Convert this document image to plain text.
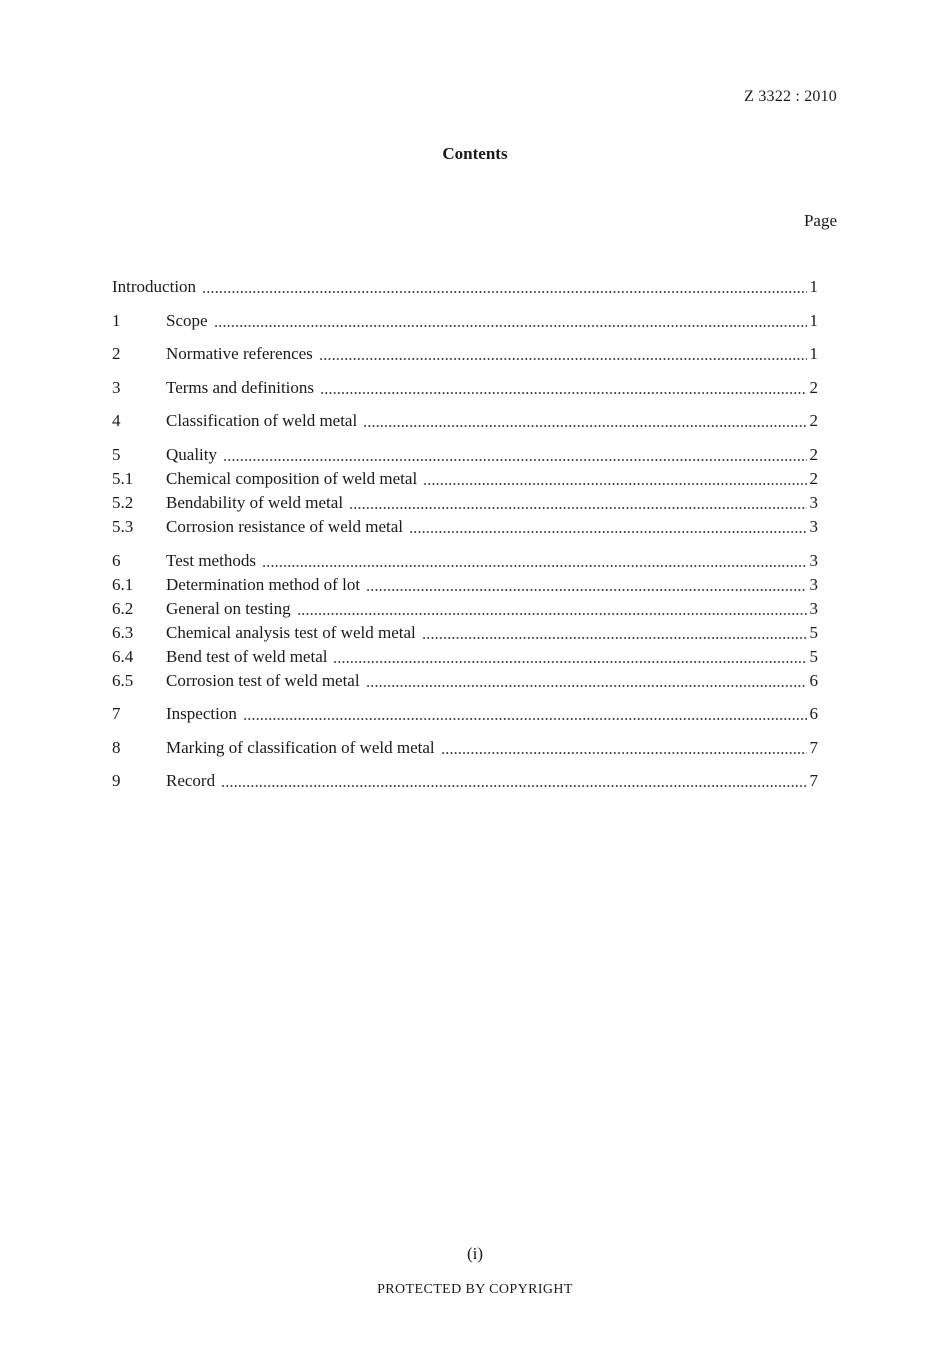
Z 3322 : 2010
Contents
Page
Introduction	1
1	Scope	1
2	Normative references	1
3	Terms and definitions	2
4	Classification of weld metal	2
5	Quality	2
5.1	Chemical composition of weld metal	2
5.2	Bendability of weld metal	3
5.3	Corrosion resistance of weld metal	3
6	Test methods	3
6.1	Determination method of lot	3
6.2	General on testing	3
6.3	Chemical analysis test of weld metal	5
6.4	Bend test of weld metal	5
6.5	Corrosion test of weld metal	6
7	Inspection	6
8	Marking of classification of weld metal	7
9	Record	7
(i)
PROTECTED BY COPYRIGHT
